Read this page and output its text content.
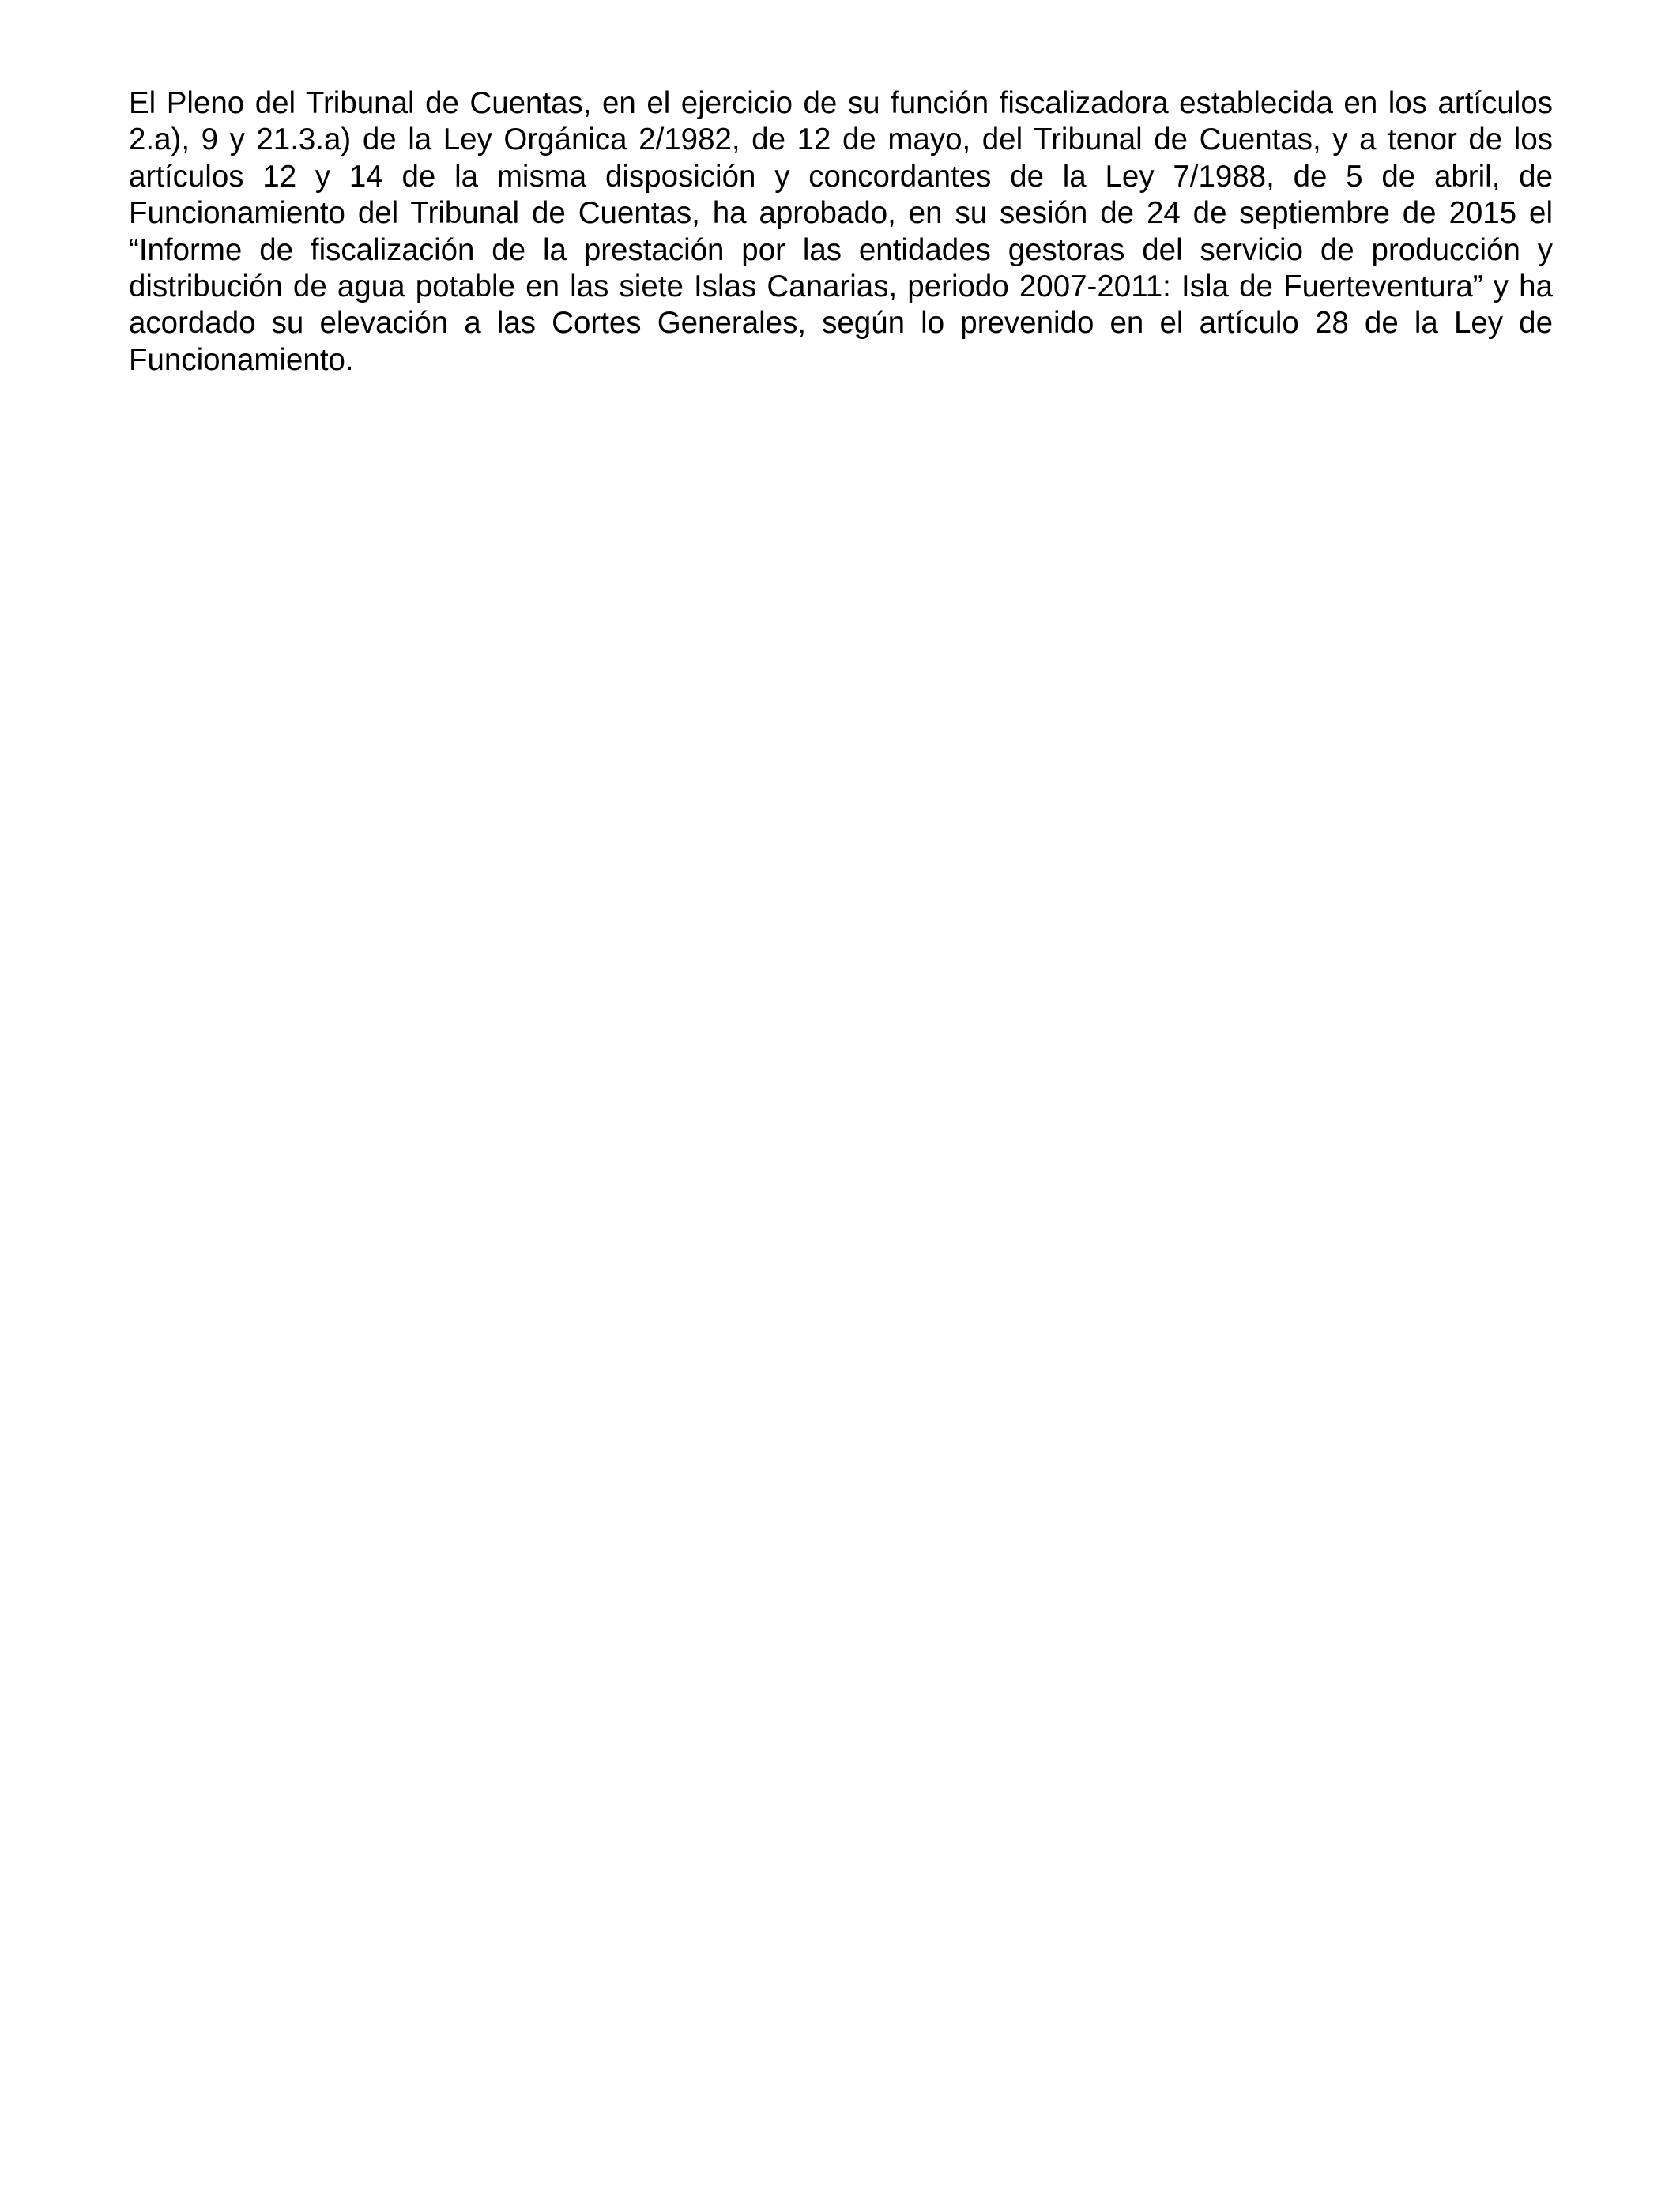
El Pleno del Tribunal de Cuentas, en el ejercicio de su función fiscalizadora establecida en los artículos 2.a), 9 y 21.3.a) de la Ley Orgánica 2/1982, de 12 de mayo, del Tribunal de Cuentas, y a tenor de los artículos 12 y 14 de la misma disposición y concordantes de la Ley 7/1988, de 5 de abril, de Funcionamiento del Tribunal de Cuentas, ha aprobado, en su sesión de 24 de septiembre de 2015 el “Informe de fiscalización de la prestación por las entidades gestoras del servicio de producción y distribución de agua potable en las siete Islas Canarias, periodo 2007-2011: Isla de Fuerteventura” y ha acordado su elevación a las Cortes Generales, según lo prevenido en el artículo 28 de la Ley de Funcionamiento.
